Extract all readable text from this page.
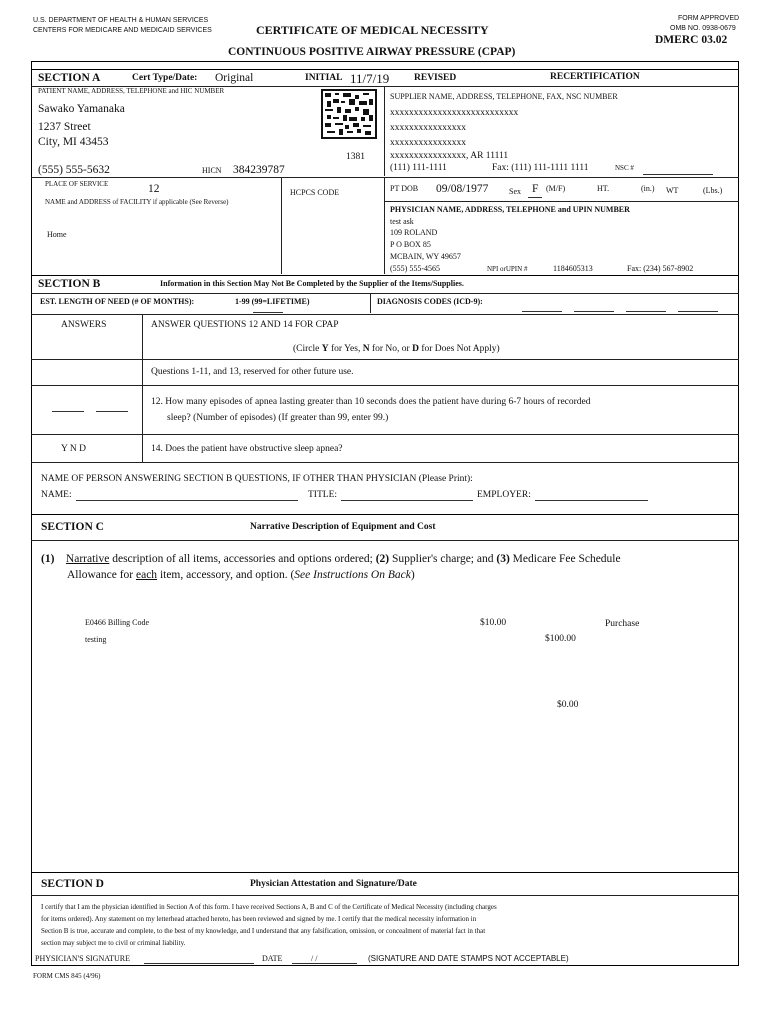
U.S. DEPARTMENT OF HEALTH & HUMAN SERVICES
CENTERS FOR MEDICARE AND MEDICAID SERVICES	CERTIFICATE OF MEDICAL NECESSITY
FORM APPROVED
OMB NO. 0938-0679
DMERC 03.02
CONTINUOUS POSITIVE AIRWAY PRESSURE (CPAP)
SECTION A	Cert Type/Date: Original	INITIAL 11/7/19	REVISED	RECERTIFICATION
PATIENT NAME, ADDRESS, TELEPHONE and HIC NUMBER
Sawako Yamanaka
1237 Street
City, MI 43453
1381
SUPPLIER NAME, ADDRESS, TELEPHONE, FAX, NSC NUMBER
xxxxxxxxxxxxxxxxxxxxxxxxxxx
xxxxxxxxxxxxxxxx
xxxxxxxxxxxxxxxx
xxxxxxxxxxxxxxxx, AR 11111
(111) 111-1111	Fax: (111) 111-1111 1111	NSC #
(555) 555-5632	HICN 384239787
PLACE OF SERVICE	12
NAME and ADDRESS of FACILITY if applicable (See Reverse)
Home
HCPCS CODE	PT DOB 09/08/1977	Sex F (M/F)	HT.	(in.) WT	(Lbs.)
PHYSICIAN NAME, ADDRESS, TELEPHONE and UPIN NUMBER
test ask
109 ROLAND
P O BOX 85
MCBAIN, WY 49657
(555) 555-4565	NPI orUPIN #	1184605313	Fax: (234) 567-8902
SECTION B	Information in this Section May Not Be Completed by the Supplier of the Items/Supplies.
EST. LENGTH OF NEED (# OF MONTHS):	1-99 (99=LIFETIME)	DIAGNOSIS CODES (ICD-9):
ANSWERS	ANSWER QUESTIONS 12 AND 14 FOR CPAP
(Circle Y for Yes, N for No, or D for Does Not Apply)
Questions 1-11, and 13, reserved for other future use.
12. How many episodes of apnea lasting greater than 10 seconds does the patient have during 6-7 hours of recorded
sleep? (Number of episodes) (If greater than 99, enter 99.)
Y N D	14. Does the patient have obstructive sleep apnea?
NAME OF PERSON ANSWERING SECTION B QUESTIONS, IF OTHER THAN PHYSICIAN (Please Print):
NAME:	TITLE:	EMPLOYER:
SECTION C	Narrative Description of Equipment and Cost
(1) Narrative description of all items, accessories and options ordered; (2) Supplier's charge; and (3) Medicare Fee Schedule
Allowance for each item, accessory, and option. (See Instructions On Back)
E0466 Billing Code
testing
$10.00	Purchase
$100.00
$0.00
SECTION D	Physician Attestation and Signature/Date
I certify that I am the physician identified in Section A of this form. I have received Sections A, B and C of the Certificate of Medical Necessity (including charges
for items ordered). Any statement on my letterhead attached hereto, has been reviewed and signed by me. I certify that the medical necessity information in
Section B is true, accurate and complete, to the best of my knowledge, and I understand that any falsification, omission, or concealment of material fact in that
section may subject me to civil or criminal liability.
PHYSICIAN'S SIGNATURE	DATE	/ /	(SIGNATURE AND DATE STAMPS NOT ACCEPTABLE)
FORM CMS 845 (4/96)
